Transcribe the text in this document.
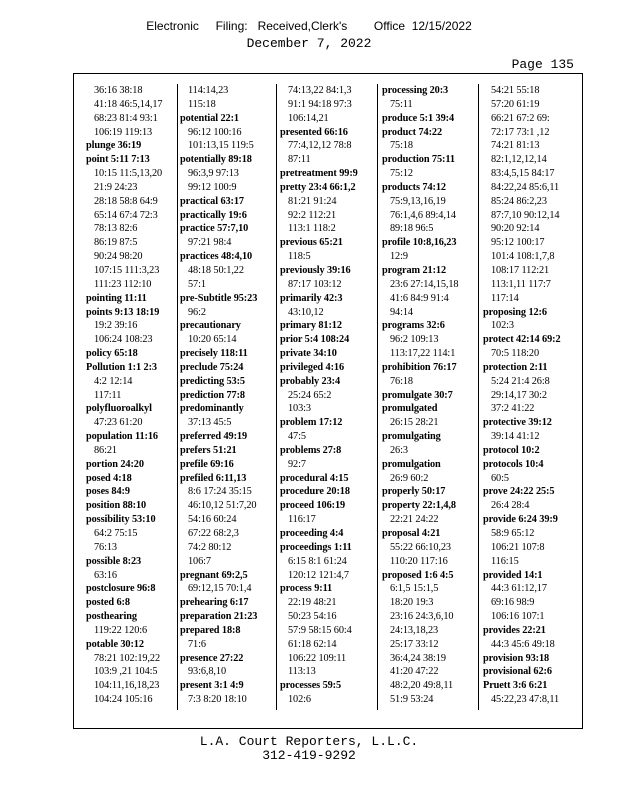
Electronic     Filing:   Received,Clerk's        Office  12/15/2022
December 7, 2022
Page 135
36:16 38:18
41:18 46:5,14,17
68:23 81:4 93:1
106:19 119:13
plunge 36:19
point 5:11 7:13
10:15 11:5,13,20
21:9 24:23
28:18 58:8 64:9
65:14 67:4 72:3
78:13 82:6
86:19 87:5
90:24 98:20
107:15 111:3,23
111:23 112:10
pointing 11:11
points 9:13 18:19
19:2 39:16
106:24 108:23
policy 65:18
Pollution 1:1 2:3
4:2 12:14
117:11
polyfluoroalkyl
47:23 61:20
population 11:16
86:21
portion 24:20
posed 4:18
poses 84:9
position 88:10
possibility 53:10
64:2 75:15
76:13
possible 8:23
63:16
postclosure 96:8
posted 6:8
posthearing
119:22 120:6
potable 30:12
78:21 102:19,22
103:9 ,21 104:5
104:11,16,18,23
104:24 105:16
114:14,23
115:18
potential 22:1
96:12 100:16
101:13,15 119:5
potentially 89:18
96:3,9 97:13
99:12 100:9
practical 63:17
practically 19:6
practice 57:7,10
97:21 98:4
practices 48:4,10
48:18 50:1,22
57:1
pre-Subtitle 95:23
96:2
precautionary
10:20 65:14
precisely 118:11
preclude 75:24
predicting 53:5
prediction 77:8
predominantly
37:13 45:5
preferred 49:19
prefers 51:21
prefile 69:16
prefiled 6:11,13
8:6 17:24 35:15
46:10,12 51:7,20
54:16 60:24
67:22 68:2,3
74:2 80:12
106:7
pregnant 69:2,5
69:12,15 70:1,4
prehearing 6:17
preparation 21:23
prepared 18:8
71:6
presence 27:22
93:6,8,10
present 3:1 4:9
7:3 8:20 18:10
74:13,22 84:1,3
91:1 94:18 97:3
106:14,21
presented 66:16
77:4,12,12 78:8
87:11
pretreatment 99:9
pretty 23:4 66:1,2
81:21 91:24
92:2 112:21
113:1 118:2
previous 65:21
118:5
previously 39:16
87:17 103:12
primarily 42:3
43:10,12
primary 81:12
prior 5:4 108:24
private 34:10
privileged 4:16
probably 23:4
25:24 65:2
103:3
problem 17:12
47:5
problems 27:8
92:7
procedural 4:15
procedure 20:18
proceed 106:19
116:17
proceeding 4:4
proceedings 1:11
6:15 8:1 61:24
120:12 121:4,7
process 9:11
22:19 48:21
50:23 54:16
57:9 58:15 60:4
61:18 62:14
106:22 109:11
113:13
processes 59:5
102:6
processing 20:3
75:11
produce 5:1 39:4
product 74:22
75:18
production 75:11
75:12
products 74:12
75:9,13,16,19
76:1,4,6 89:4,14
89:18 96:5
profile 10:8,16,23
12:9
program 21:12
23:6 27:14,15,18
41:6 84:9 91:4
94:14
programs 32:6
96:2 109:13
113:17,22 114:1
prohibition 76:17
76:18
promulgate 30:7
promulgated
26:15 28:21
promulgating
26:3
promulgation
26:9 60:2
properly 50:17
property 22:1,4,8
22:21 24:22
proposal 4:21
55:22 66:10,23
110:20 117:16
proposed 1:6 4:5
6:1,5 15:1,5
18:20 19:3
23:16 24:3,6,10
24:13,18,23
25:17 33:12
36:4,24 38:19
41:20 47:22
48:2,20 49:8,11
51:9 53:24
54:21 55:18
57:20 61:19
66:21 67:2 69:
72:17 73:1 ,12
74:21 81:13
82:1,12,12,14
83:4,5,15 84:17
84:22,24 85:6,11
85:24 86:2,23
87:7,10 90:12,14
90:20 92:14
95:12 100:17
101:4 108:1,7,8
108:17 112:21
113:1,11 117:7
117:14
proposing 12:6
102:3
protect 42:14 69:2
70:5 118:20
protection 2:11
5:24 21:4 26:8
29:14,17 30:2
37:2 41:22
protective 39:12
39:14 41:12
protocol 10:2
protocols 10:4
60:5
prove 24:22 25:5
26:4 28:4
provide 6:24 39:9
58:9 65:12
106:21 107:8
116:15
provided 14:1
44:3 61:12,17
69:16 98:9
106:16 107:1
provides 22:21
44:3 45:6 49:18
provision 93:18
provisional 62:6
Pruett 3:6 6:21
45:22,23 47:8,11
L.A. Court Reporters, L.L.C.
312-419-9292
